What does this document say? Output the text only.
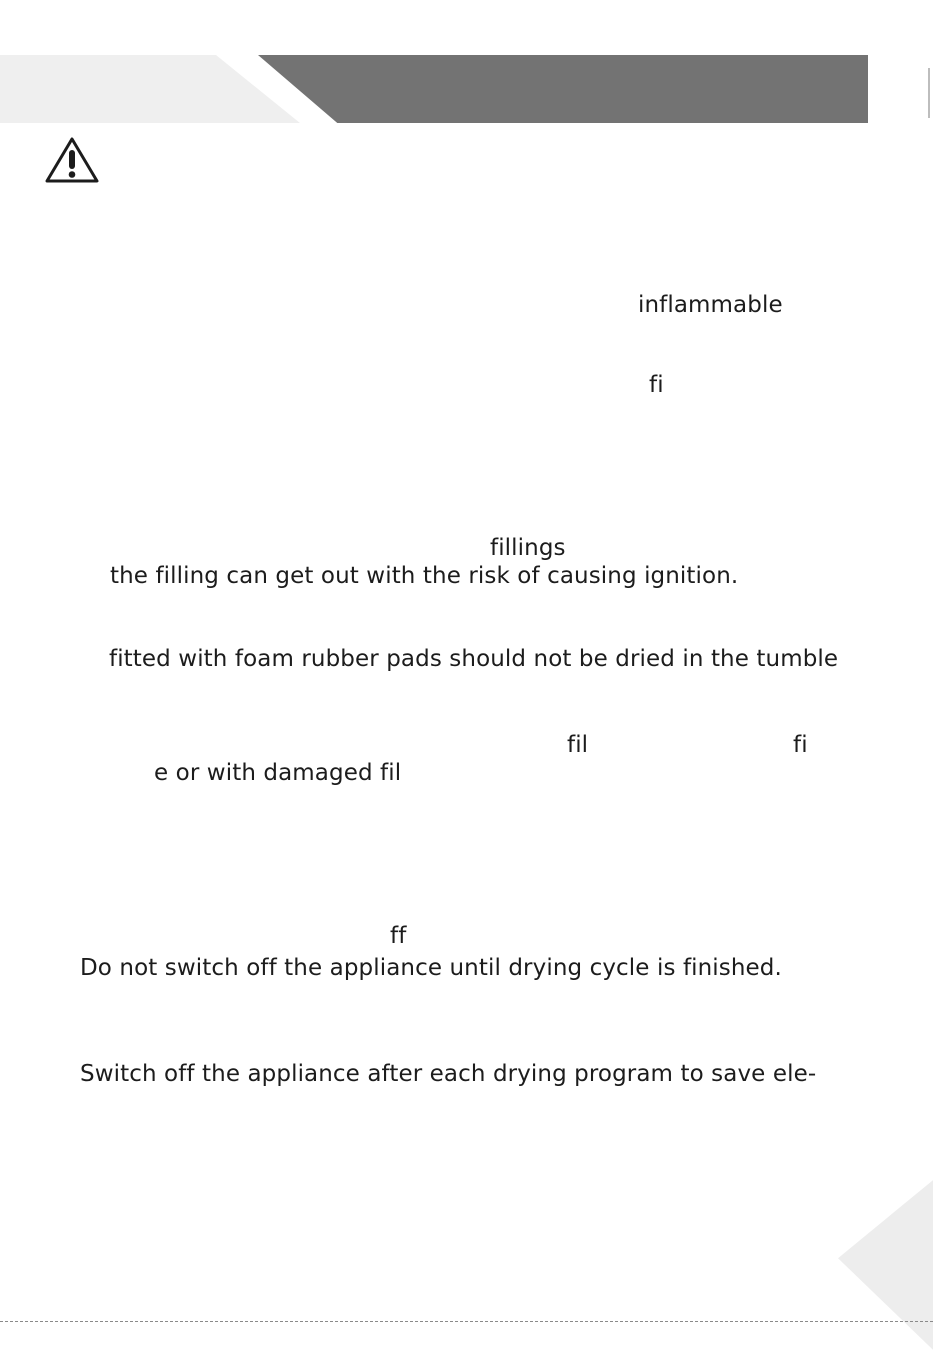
inflammable
fi
fillings
the filling can get out with the risk of causing ignition.
fitted with foam rubber pads should not be dried in the tumble
fil	fi
e or with damaged fil
ff
Do not switch off the appliance until drying cycle is finished.
Switch off the appliance after each drying program to save ele-
